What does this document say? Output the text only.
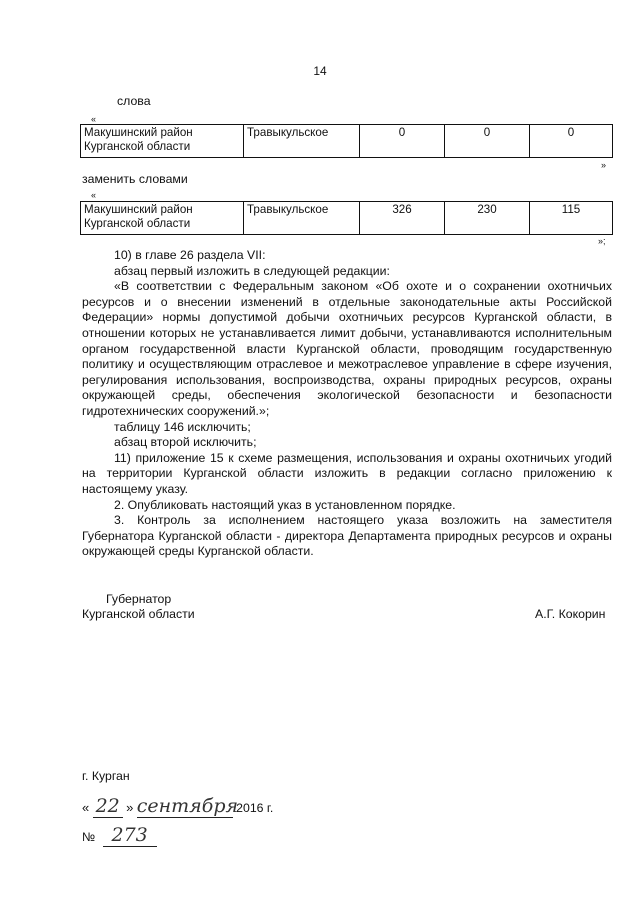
14
слова
«
Макушинский район Курганской области	Травыкульское	0	0	0
»
заменить словами
«
Макушинский район Курганской области	Травыкульское	326	230	115
»;

10) в главе 26 раздела VII:

абзац первый изложить в следующей редакции:

«В соответствии с Федеральным законом «Об охоте и о сохранении охотничьих ресурсов и о внесении изменений в отдельные законодательные акты Российской Федерации» нормы допустимой добычи охотничьих ресурсов Курганской области, в отношении которых не устанавливается лимит добычи, устанавливаются исполнительным органом государственной власти Курганской области, проводящим государственную политику и осуществляющим отраслевое и межотраслевое управление в сфере изучения, регулирования использования, воспроизводства, охраны природных ресурсов, охраны окружающей среды, обеспечения экологической безопасности и безопасности гидротехнических сооружений.»;

таблицу 146 исключить;

абзац второй исключить;

11) приложение 15 к схеме размещения, использования и охраны охотничьих угодий на территории Курганской области изложить в редакции согласно приложению к настоящему указу.

2. Опубликовать настоящий указ в установленном порядке.

3. Контроль за исполнением настоящего указа возложить на заместителя Губернатора Курганской области - директора Департамента природных ресурсов и охраны окружающей среды Курганской области.

Губернатор
Курганской области	А.Г. Кокорин
г. Курган
« 22 » сентября 2016 г.
№ 273
